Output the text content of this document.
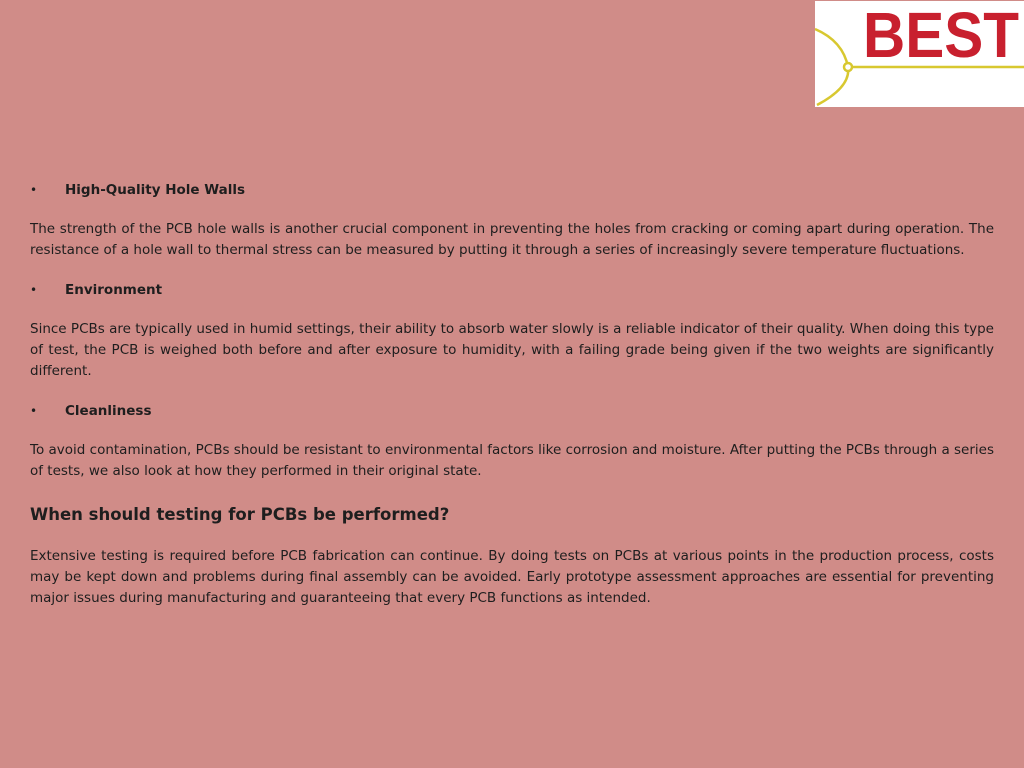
BEST
•	High-Quality Hole Walls

The strength of the PCB hole walls is another crucial component in preventing the holes from cracking or coming apart during operation. The resistance of a hole wall to thermal stress can be measured by putting it through a series of increasingly severe temperature fluctuations.

•	Environment

Since PCBs are typically used in humid settings, their ability to absorb water slowly is a reliable indicator of their quality. When doing this type of test, the PCB is weighed both before and after exposure to humidity, with a failing grade being given if the two weights are significantly different.

•	Cleanliness

To avoid contamination, PCBs should be resistant to environmental factors like corrosion and moisture. After putting the PCBs through a series of tests, we also look at how they performed in their original state.

When should testing for PCBs be performed?

Extensive testing is required before PCB fabrication can continue. By doing tests on PCBs at various points in the production process, costs may be kept down and problems during final assembly can be avoided. Early prototype assessment approaches are essential for preventing major issues during manufacturing and guaranteeing that every PCB functions as intended.
